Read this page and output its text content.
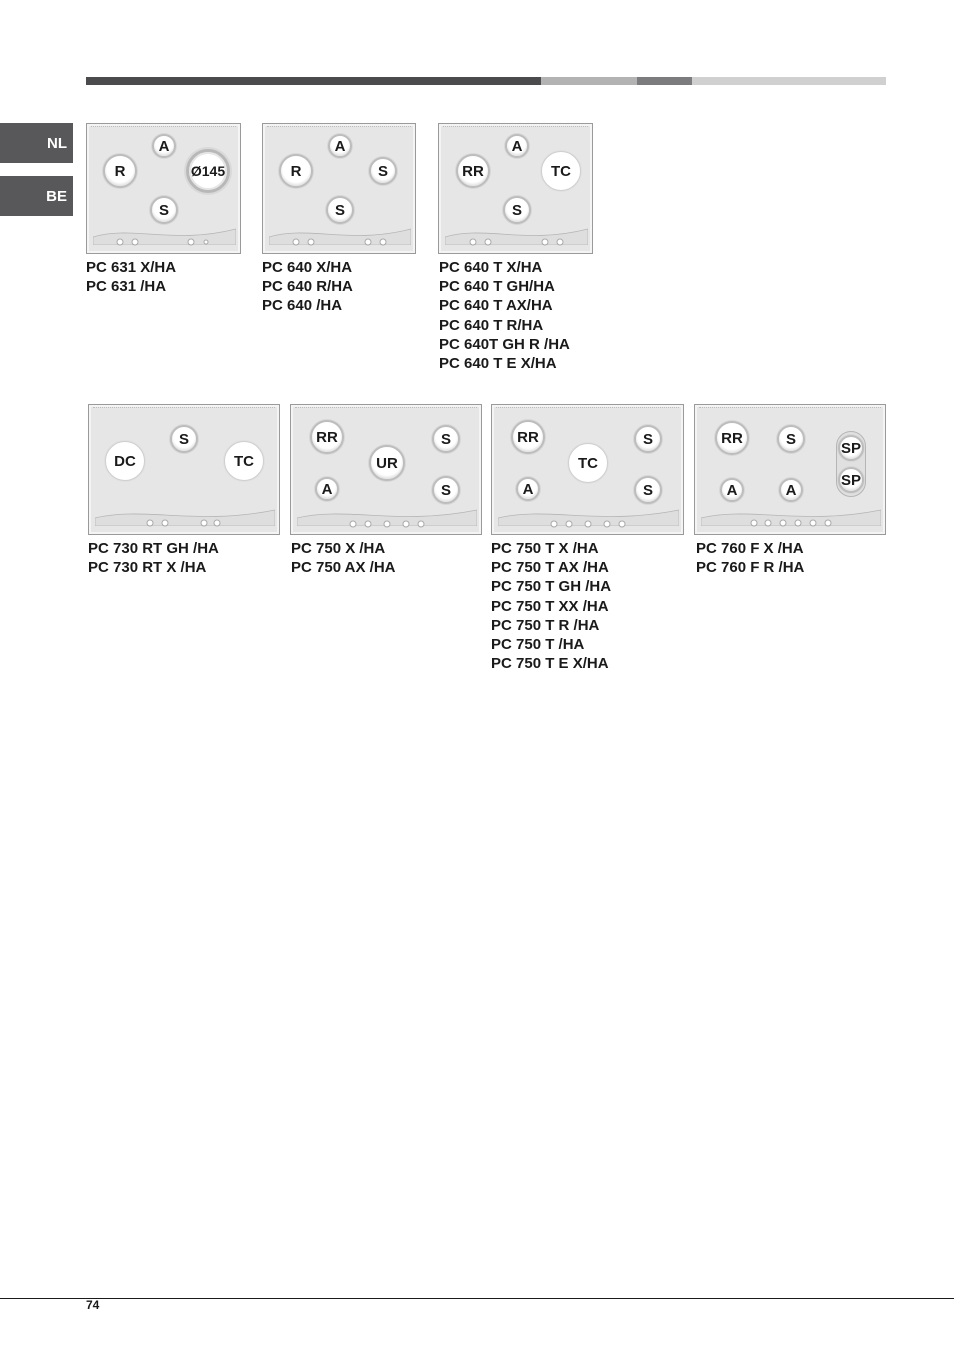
NL
BE
A
R	Ø145
S
PC 631 X/HA
PC 631 /HA
A
R	S
S
PC 640 X/HA
PC 640 R/HA
PC 640 /HA
A
RR	TC
S
PC 640 T X/HA
PC 640 T GH/HA
PC 640 T AX/HA
PC 640 T R/HA
PC 640T GH R /HA
PC 640 T E X/HA
S
DC	TC
PC 730 RT GH /HA
PC 730 RT X /HA
RR	S
UR
A	S
PC 750 X /HA
PC 750 AX /HA
RR	S
TC
A	S
PC 750 T X /HA
PC 750 T AX /HA
PC 750 T GH /HA
PC 750 T XX /HA
PC 750 T R /HA
PC 750 T /HA
PC 750 T E X/HA
RR	S
SP
SP
A	A
PC 760 F X /HA
PC 760 F R /HA
74
